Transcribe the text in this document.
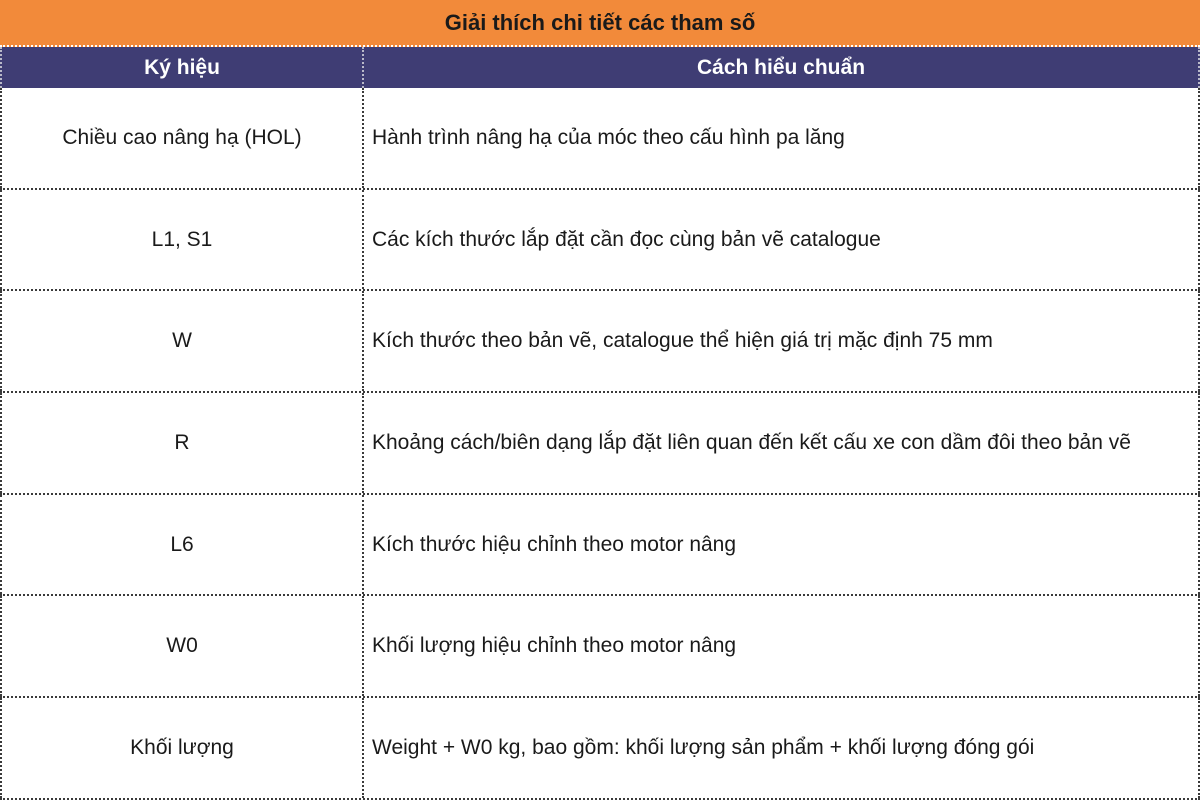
Giải thích chi tiết các tham số
Ký hiệu	Cách hiểu chuẩn
Chiều cao nâng hạ (HOL)	Hành trình nâng hạ của móc theo cấu hình pa lăng
L1, S1	Các kích thước lắp đặt cần đọc cùng bản vẽ catalogue
W	Kích thước theo bản vẽ, catalogue thể hiện giá trị mặc định 75 mm
R	Khoảng cách/biên dạng lắp đặt liên quan đến kết cấu xe con dầm đôi theo bản vẽ
L6	Kích thước hiệu chỉnh theo motor nâng
W0	Khối lượng hiệu chỉnh theo motor nâng
Khối lượng	Weight + W0 kg, bao gồm: khối lượng sản phẩm + khối lượng đóng gói
